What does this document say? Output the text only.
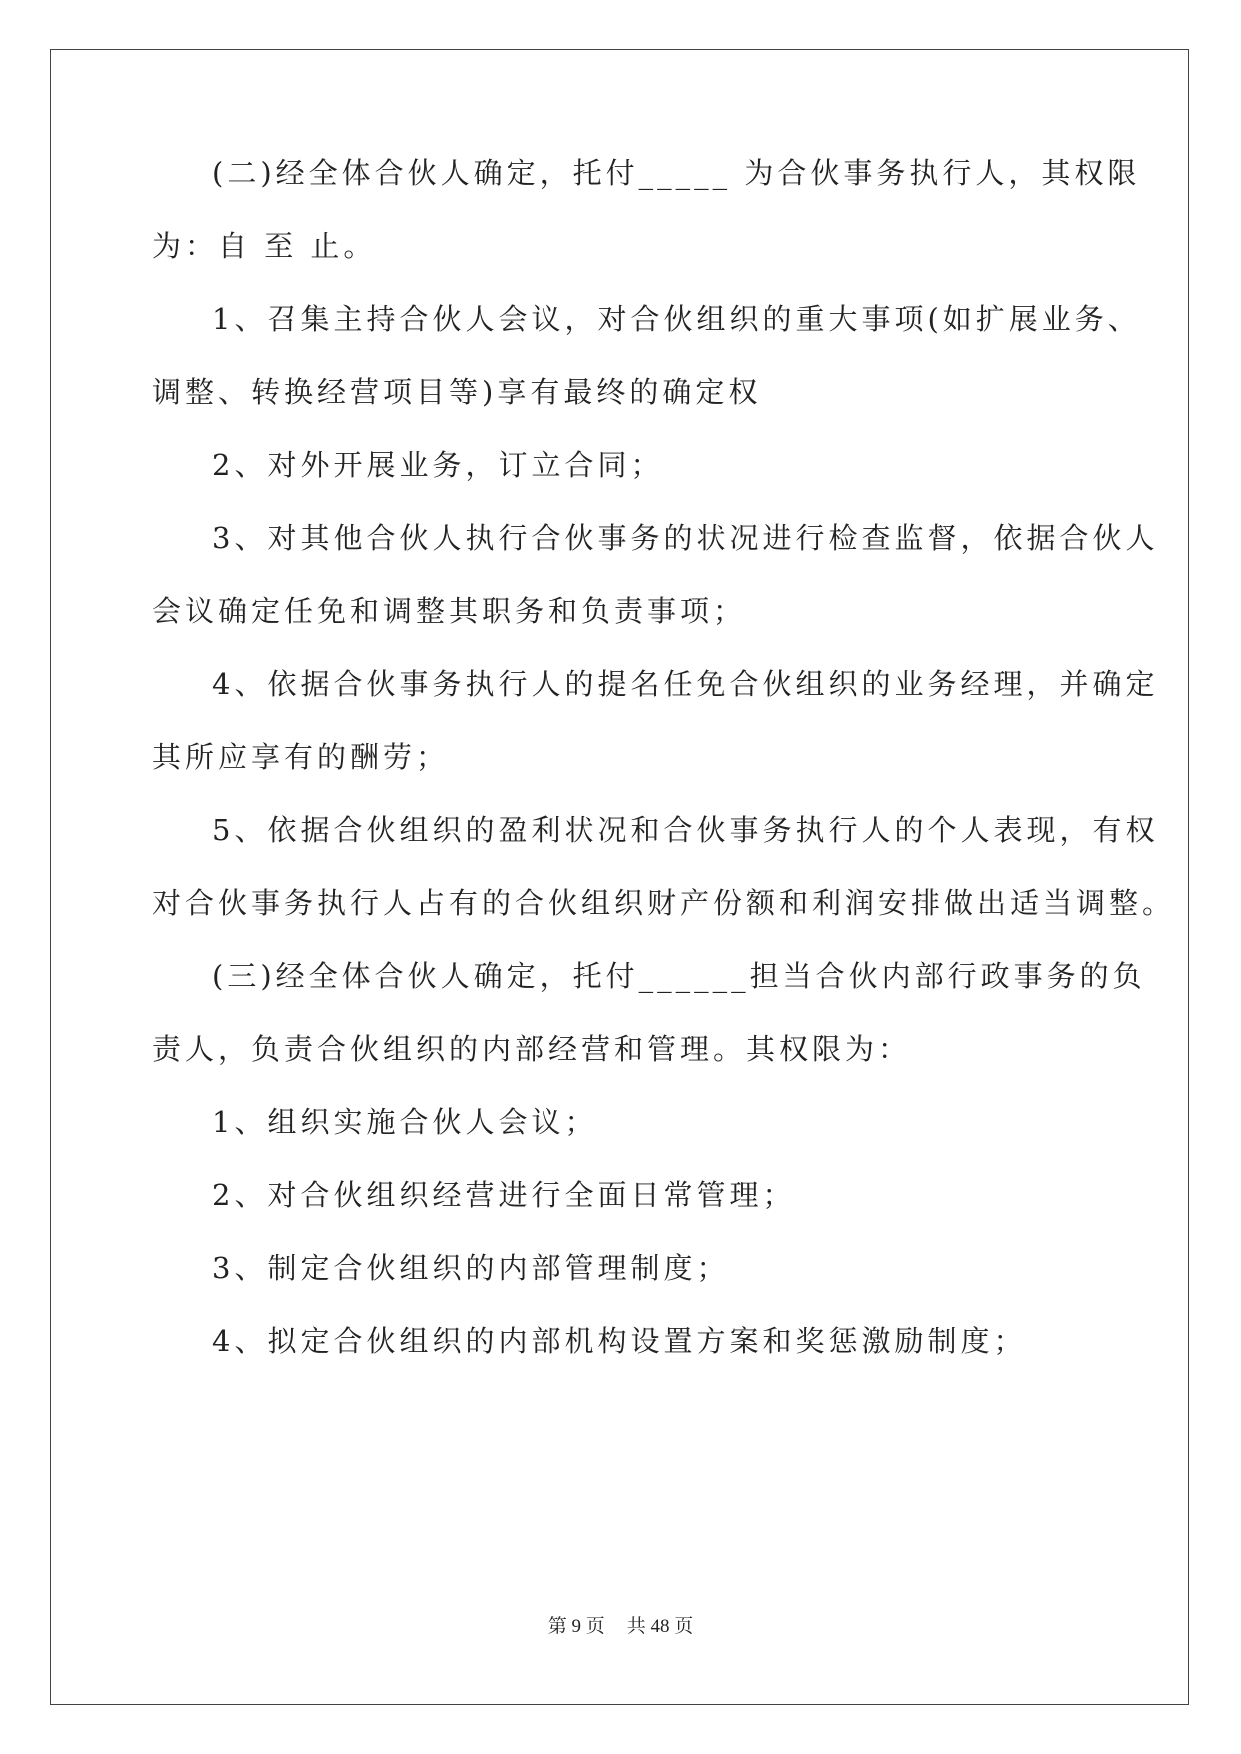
(二)经全体合伙人确定，托付_____ 为合伙事务执行人，其权限
为：自 至 止。
1、召集主持合伙人会议，对合伙组织的重大事项(如扩展业务、
调整、转换经营项目等)享有最终的确定权
2、对外开展业务，订立合同；
3、对其他合伙人执行合伙事务的状况进行检查监督，依据合伙人
会议确定任免和调整其职务和负责事项；
4、依据合伙事务执行人的提名任免合伙组织的业务经理，并确定
其所应享有的酬劳；
5、依据合伙组织的盈利状况和合伙事务执行人的个人表现，有权
对合伙事务执行人占有的合伙组织财产份额和利润安排做出适当调整。
(三)经全体合伙人确定，托付______担当合伙内部行政事务的负
责人，负责合伙组织的内部经营和管理。其权限为：
1、组织实施合伙人会议；
2、对合伙组织经营进行全面日常管理；
3、制定合伙组织的内部管理制度；
4、拟定合伙组织的内部机构设置方案和奖惩激励制度；
第 9 页 共 48 页
